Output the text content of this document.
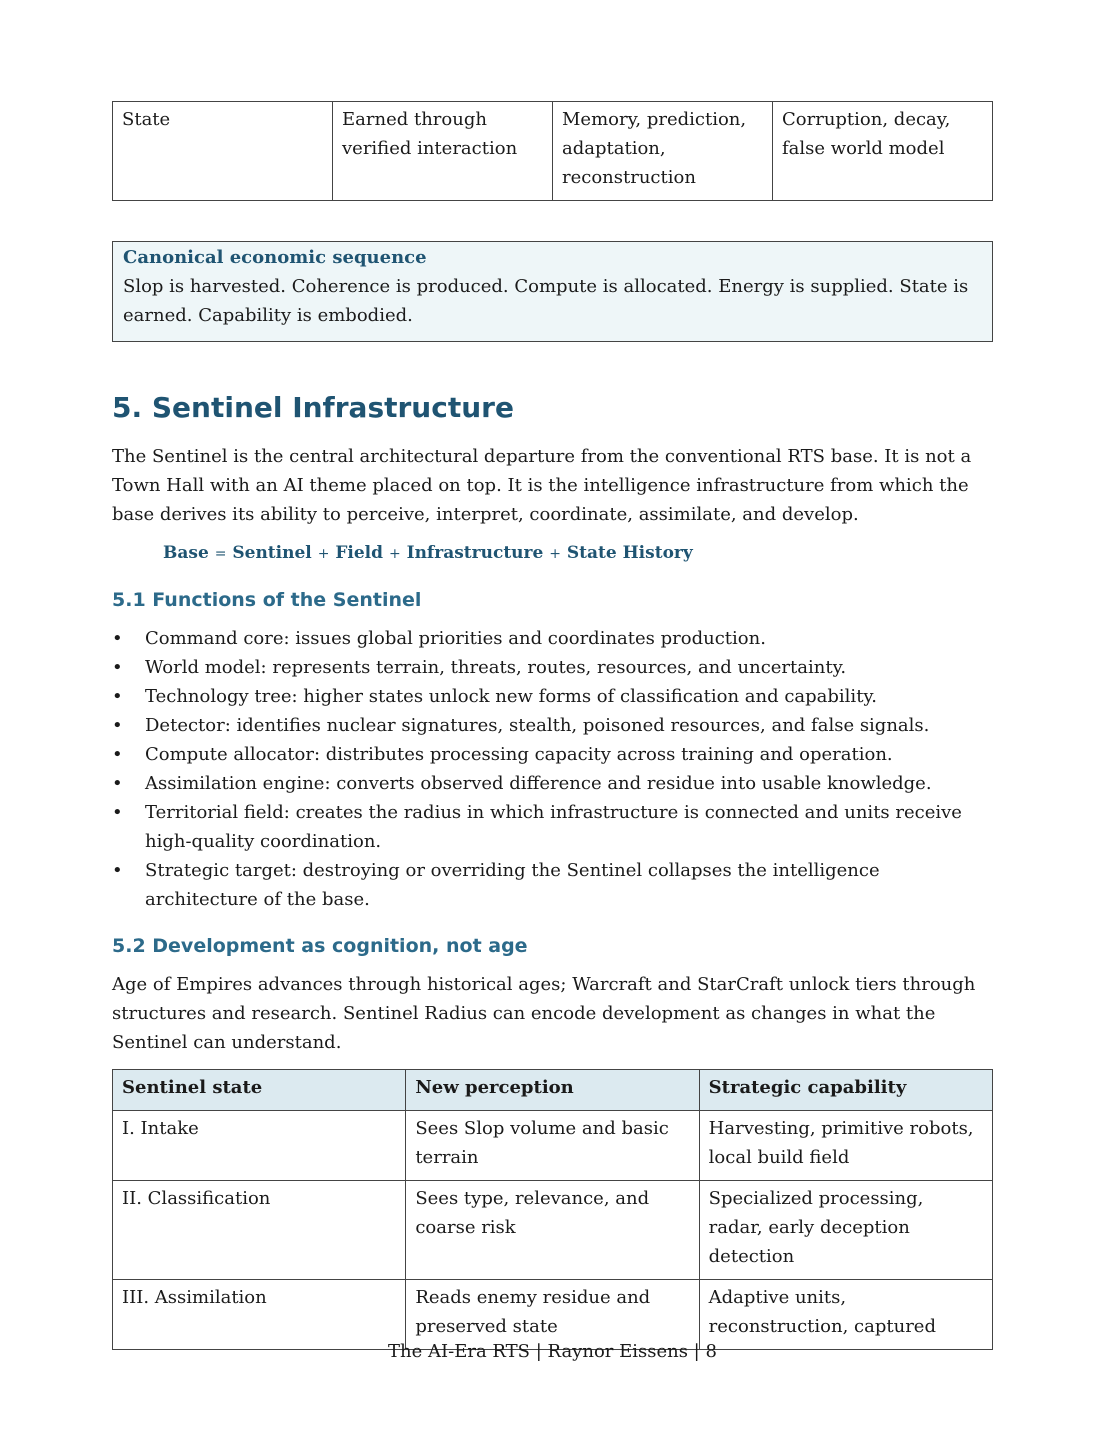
State	Earned through verified interaction	Memory, prediction, adaptation, reconstruction	Corruption, decay, false world model
Canonical economic sequence
Slop is harvested. Coherence is produced. Compute is allocated. Energy is supplied. State is earned. Capability is embodied.
5. Sentinel Infrastructure

The Sentinel is the central architectural departure from the conventional RTS base. It is not a Town Hall with an AI theme placed on top. It is the intelligence infrastructure from which the base derives its ability to perceive, interpret, coordinate, assimilate, and develop.

Base = Sentinel + Field + Infrastructure + State History
5.1 Functions of the Sentinel
• Command core: issues global priorities and coordinates production.
• World model: represents terrain, threats, routes, resources, and uncertainty.
• Technology tree: higher states unlock new forms of classification and capability.
• Detector: identifies nuclear signatures, stealth, poisoned resources, and false signals.
• Compute allocator: distributes processing capacity across training and operation.
• Assimilation engine: converts observed difference and residue into usable knowledge.
• Territorial field: creates the radius in which infrastructure is connected and units receive high-quality coordination.
• Strategic target: destroying or overriding the Sentinel collapses the intelligence architecture of the base.
5.2 Development as cognition, not age

Age of Empires advances through historical ages; Warcraft and StarCraft unlock tiers through structures and research. Sentinel Radius can encode development as changes in what the Sentinel can understand.

Sentinel state	New perception	Strategic capability
I. Intake	Sees Slop volume and basic terrain	Harvesting, primitive robots, local build field
II. Classification	Sees type, relevance, and coarse risk	Specialized processing, radar, early deception detection
III. Assimilation	Reads enemy residue and preserved state	Adaptive units, reconstruction, captured
The AI-Era RTS | Raynor Eissens | 8
